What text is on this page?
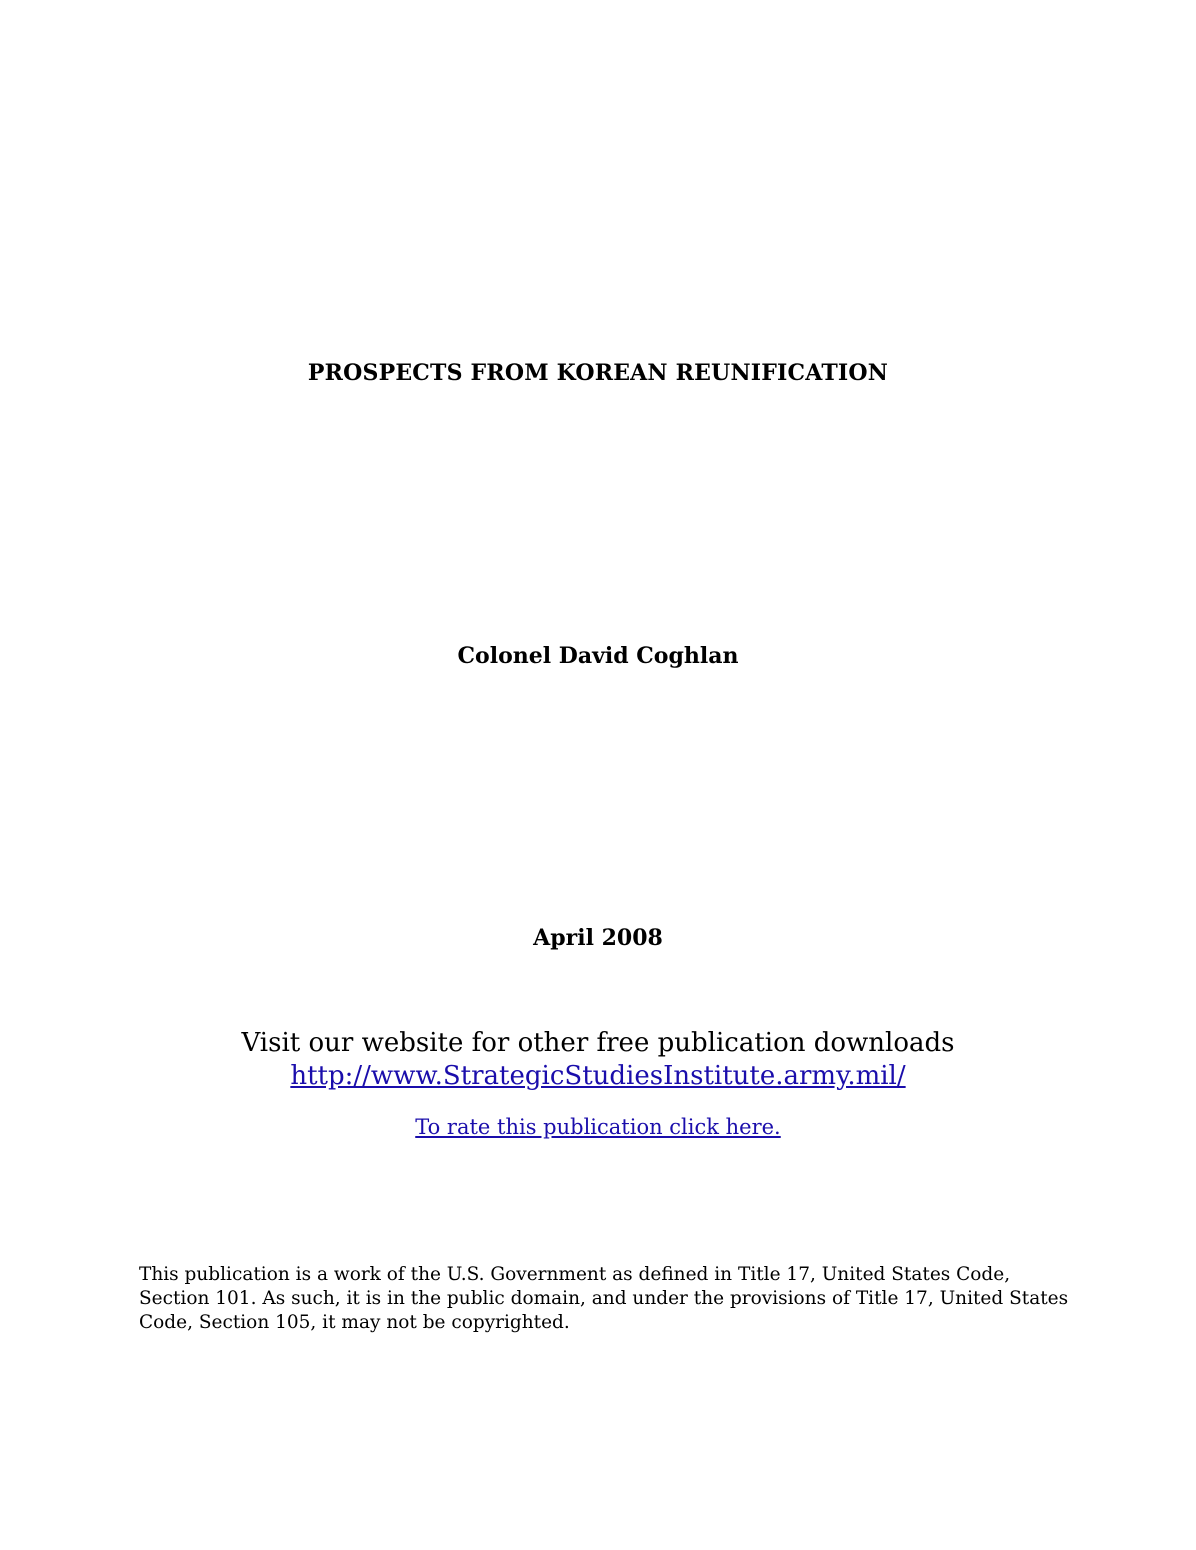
PROSPECTS FROM KOREAN REUNIFICATION

Colonel David Coghlan

April 2008

Visit our website for other free publication downloads

http://www.StrategicStudiesInstitute.army.mil/

To rate this publication click here.

This publication is a work of the U.S. Government as defined in Title 17, United States Code, Section 101. As such, it is in the public domain, and under the provisions of Title 17, United States Code, Section 105, it may not be copyrighted.
